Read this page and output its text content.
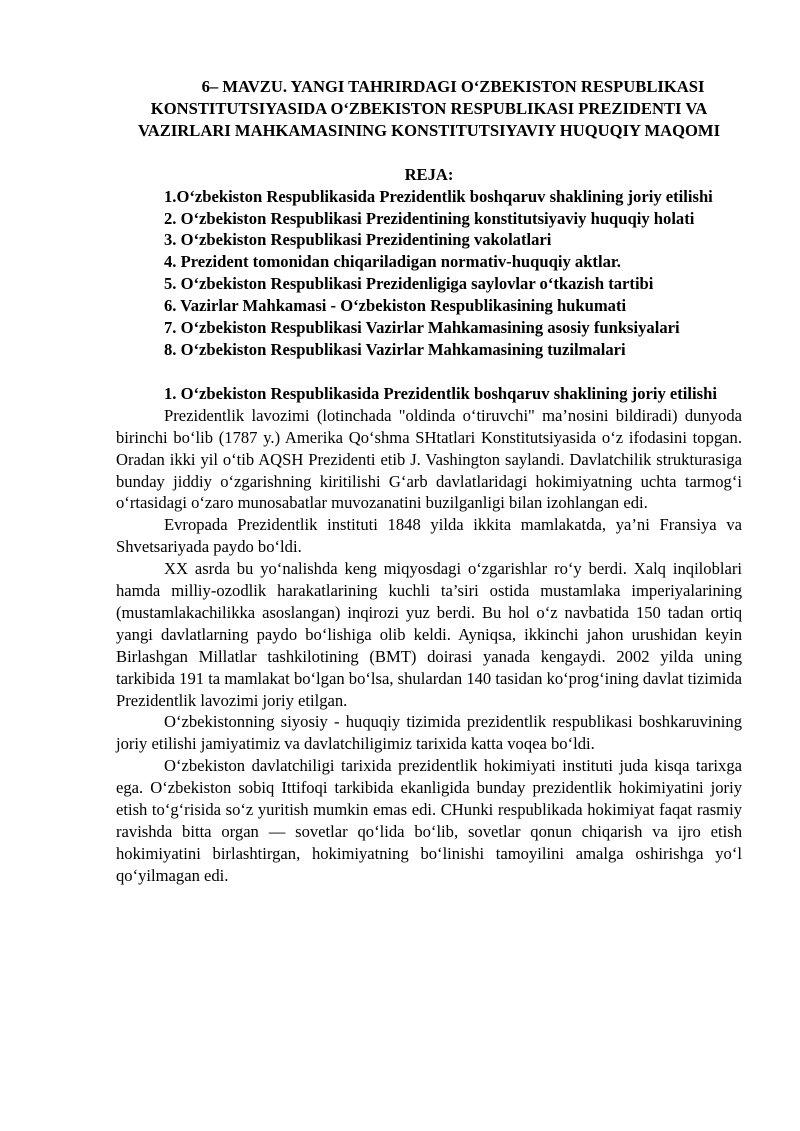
6– MAVZU. YANGI TAHRIRDAGI O‘ZBEKISTON RESPUBLIKASI KONSTITUTSIYASIDA O‘ZBEKISTON RESPUBLIKASI PREZIDENTI VA VAZIRLARI MAHKAMASINING KONSTITUTSIYAVIY HUQUQIY MAQOMI

REJA:

1.O‘zbekiston Respublikasida Prezidentlik boshqaruv shaklining joriy etilishi
2. O‘zbekiston Respublikasi Prezidentining konstitutsiyaviy huquqiy holati
3. O‘zbekiston Respublikasi Prezidentining vakolatlari
4. Prezident tomonidan chiqariladigan normativ-huquqiy aktlar.
5. O‘zbekiston Respublikasi Prezidenligiga saylovlar o‘tkazish tartibi
6. Vazirlar Mahkamasi - O‘zbekiston Respublikasining hukumati
7. O‘zbekiston Respublikasi Vazirlar Mahkamasining asosiy funksiyalari
8. O‘zbekiston Respublikasi Vazirlar Mahkamasining tuzilmalari

1. O‘zbekiston Respublikasida Prezidentlik boshqaruv shaklining joriy etilishi

Prezidentlik lavozimi (lotinchada "oldinda o‘tiruvchi" ma’nosini bildiradi) dunyoda birinchi bo‘lib (1787 y.) Amerika Qo‘shma SHtatlari Konstitutsiyasida o‘z ifodasini topgan. Oradan ikki yil o‘tib AQSH Prezidenti etib J. Vashington saylandi. Davlatchilik strukturasiga bunday jiddiy o‘zgarishning kiritilishi G‘arb davlatlaridagi hokimiyatning uchta tarmog‘i o‘rtasidagi o‘zaro munosabatlar muvozanatini buzilganligi bilan izohlangan edi.

Evropada Prezidentlik instituti 1848 yilda ikkita mamlakatda, ya’ni Fransiya va Shvetsariyada paydo bo‘ldi.

XX asrda bu yo‘nalishda keng miqyosdagi o‘zgarishlar ro‘y berdi. Xalq inqiloblari hamda milliy-ozodlik harakatlarining kuchli ta’siri ostida mustamlaka imperiyalarining (mustamlakachilikka asoslangan) inqirozi yuz berdi. Bu hol o‘z navbatida 150 tadan ortiq yangi davlatlarning paydo bo‘lishiga olib keldi. Ayniqsa, ikkinchi jahon urushidan keyin Birlashgan Millatlar tashkilotining (BMT) doirasi yanada kengaydi. 2002 yilda uning tarkibida 191 ta mamlakat bo‘lgan bo‘lsa, shulardan 140 tasidan ko‘prog‘ining davlat tizimida Prezidentlik lavozimi joriy etilgan.

O‘zbekistonning siyosiy - huquqiy tizimida prezidentlik respublikasi boshkaruvining joriy etilishi jamiyatimiz va davlatchiligimiz tarixida katta voqea bo‘ldi.

O‘zbekiston davlatchiligi tarixida prezidentlik hokimiyati instituti juda kisqa tarixga ega. O‘zbekiston sobiq Ittifoqi tarkibida ekanligida bunday prezidentlik hokimiyatini joriy etish to‘g‘risida so‘z yuritish mumkin emas edi. CHunki respublikada hokimiyat faqat rasmiy ravishda bitta organ — sovetlar qo‘lida bo‘lib, sovetlar qonun chiqarish va ijro etish hokimiyatini birlashtirgan, hokimiyatning bo‘linishi tamoyilini amalga oshirishga yo‘l qo‘yilmagan edi.
